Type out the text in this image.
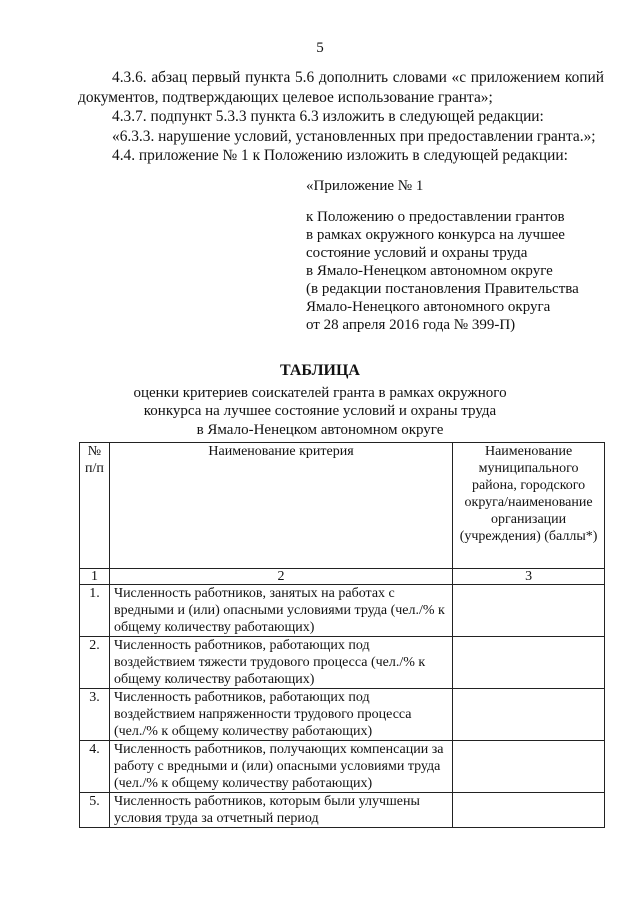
5

4.3.6. абзац первый пункта 5.6 дополнить словами «с приложением копий

документов, подтверждающих целевое использование гранта»;

4.3.7. подпункт 5.3.3 пункта 6.3 изложить в следующей редакции:

«6.3.3. нарушение условий, установленных при предоставлении гранта.»;

4.4. приложение № 1 к Положению изложить в следующей редакции:

«Приложение № 1

к Положению о предоставлении грантов
в рамках окружного конкурса на лучшее
состояние условий и охраны труда
в Ямало-Ненецком автономном округе
(в редакции постановления Правительства
Ямало-Ненецкого автономного округа
от 28 апреля 2016 года № 399-П)
ТАБЛИЦА
оценки критериев соискателей гранта в рамках окружного
конкурса на лучшее состояние условий и охраны труда
в Ямало-Ненецком автономном округе
№ п/п	Наименование критерия	Наименование муниципального района, городского округа/наименование организации (учреждения) (баллы*)
1	2	3
1.	Численность работников, занятых на работах с вредными и (или) опасными условиями труда (чел./% к общему количеству работающих)	
2.	Численность работников, работающих под воздействием тяжести трудового процесса (чел./% к общему количеству работающих)	
3.	Численность работников, работающих под воздействием напряженности трудового процесса (чел./% к общему количеству работающих)	
4.	Численность работников, получающих компенсации за работу с вредными и (или) опасными условиями труда (чел./% к общему количеству работающих)	
5.	Численность работников, которым были улучшены условия труда за отчетный период	
